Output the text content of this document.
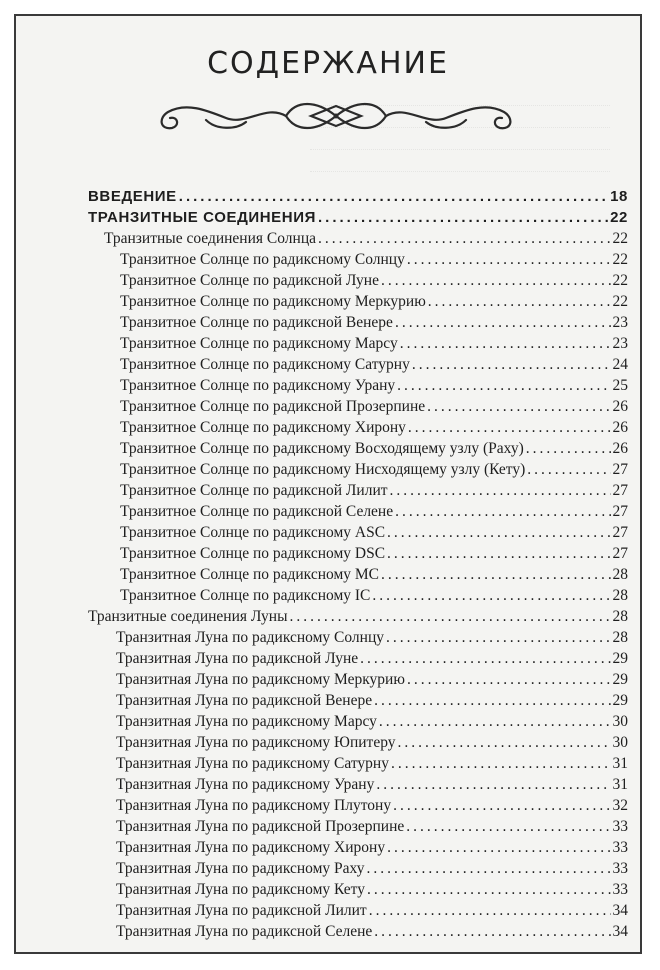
СОДЕРЖАНИЕ
ВВЕДЕНИЕ .....	18
ТРАНЗИТНЫЕ СОЕДИНЕНИЯ .....	22
Транзитные соединения Солнца .....	22
Транзитное Солнце по радиксному Солнцу .....	22
Транзитное Солнце по радиксной Луне .....	22
Транзитное Солнце по радиксному Меркурию .....	22
Транзитное Солнце по радиксной Венере .....	23
Транзитное Солнце по радиксному Марсу .....	23
Транзитное Солнце по радиксному Сатурну .....	24
Транзитное Солнце по радиксному Урану .....	25
Транзитное Солнце по радиксной Прозерпине .....	26
Транзитное Солнце по радиксному Хирону .....	26
Транзитное Солнце по радиксному Восходящему узлу (Раху) .....	26
Транзитное Солнце по радиксному Нисходящему узлу (Кету) .....	27
Транзитное Солнце по радиксной Лилит .....	27
Транзитное Солнце по радиксной Селене .....	27
Транзитное Солнце по радиксному ASC .....	27
Транзитное Солнце по радиксному DSC .....	27
Транзитное Солнце по радиксному МС .....	28
Транзитное Солнце по радиксному IC .....	28
Транзитные соединения Луны .....	28
Транзитная Луна по радиксному Солнцу .....	28
Транзитная Луна по радиксной Луне .....	29
Транзитная Луна по радиксному Меркурию .....	29
Транзитная Луна по радиксной Венере .....	29
Транзитная Луна по радиксному Марсу .....	30
Транзитная Луна по радиксному Юпитеру .....	30
Транзитная Луна по радиксному Сатурну .....	31
Транзитная Луна по радиксному Урану .....	31
Транзитная Луна по радиксному Плутону .....	32
Транзитная Луна по радиксной Прозерпине .....	33
Транзитная Луна по радиксному Хирону .....	33
Транзитная Луна по радиксному Раху .....	33
Транзитная Луна по радиксному Кету .....	33
Транзитная Луна по радиксной Лилит .....	34
Транзитная Луна по радиксной Селене .....	34
